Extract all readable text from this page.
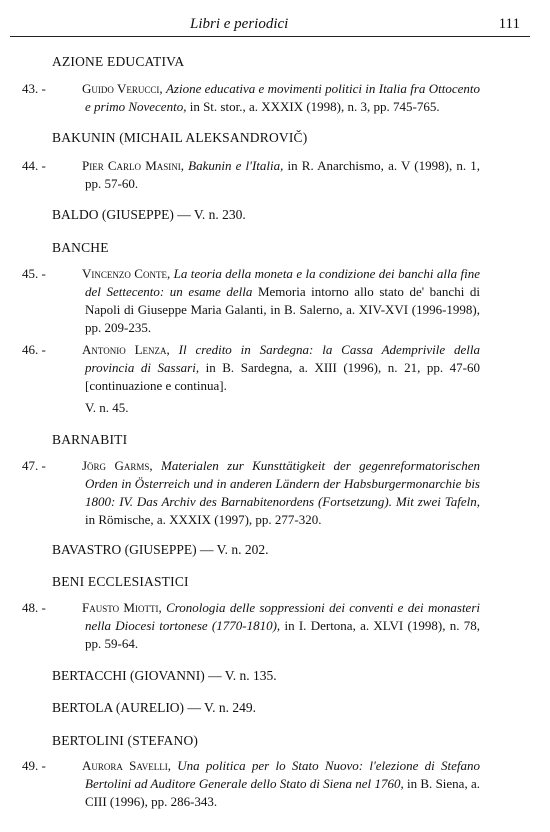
Libri e periodici	111
AZIONE EDUCATIVA
43. -	Guido Verucci, Azione educativa e movimenti politici in Italia fra Ottocento e primo Novecento, in St. stor., a. XXXIX (1998), n. 3, pp. 745-765.
BAKUNIN (MICHAIL ALEKSANDROVIČ)
44. -	Pier Carlo Masini, Bakunin e l'Italia, in R. Anarchismo, a. V (1998), n. 1, pp. 57-60.
BALDO (GIUSEPPE) — V. n. 230.
BANCHE
45. -	Vincenzo Conte, La teoria della moneta e la condizione dei banchi alla fine del Settecento: un esame della Memoria intorno allo stato de' banchi di Napoli di Giuseppe Maria Galanti, in B. Salerno, a. XIV-XVI (1996-1998), pp. 209-235.
46. -	Antonio Lenza, Il credito in Sardegna: la Cassa Ademprivile della provincia di Sassari, in B. Sardegna, a. XIII (1996), n. 21, pp. 47-60 [continuazione e continua].
V. n. 45.
BARNABITI
47. -	Jörg Garms, Materialen zur Kunsttätigkeit der gegenreformatorischen Orden in Österreich und in anderen Ländern der Habsburgermonarchie bis 1800: IV. Das Archiv des Barnabitenordens (Fortsetzung). Mit zwei Tafeln, in Römische, a. XXXIX (1997), pp. 277-320.
BAVASTRO (GIUSEPPE) — V. n. 202.
BENI ECCLESIASTICI
48. -	Fausto Miotti, Cronologia delle soppressioni dei conventi e dei monasteri nella Diocesi tortonese (1770-1810), in I. Dertona, a. XLVI (1998), n. 78, pp. 59-64.
BERTACCHI (GIOVANNI) — V. n. 135.
BERTOLA (AURELIO) — V. n. 249.
BERTOLINI (STEFANO)
49. -	Aurora Savelli, Una politica per lo Stato Nuovo: l'elezione di Stefano Bertolini ad Auditore Generale dello Stato di Siena nel 1760, in B. Siena, a. CIII (1996), pp. 286-343.
